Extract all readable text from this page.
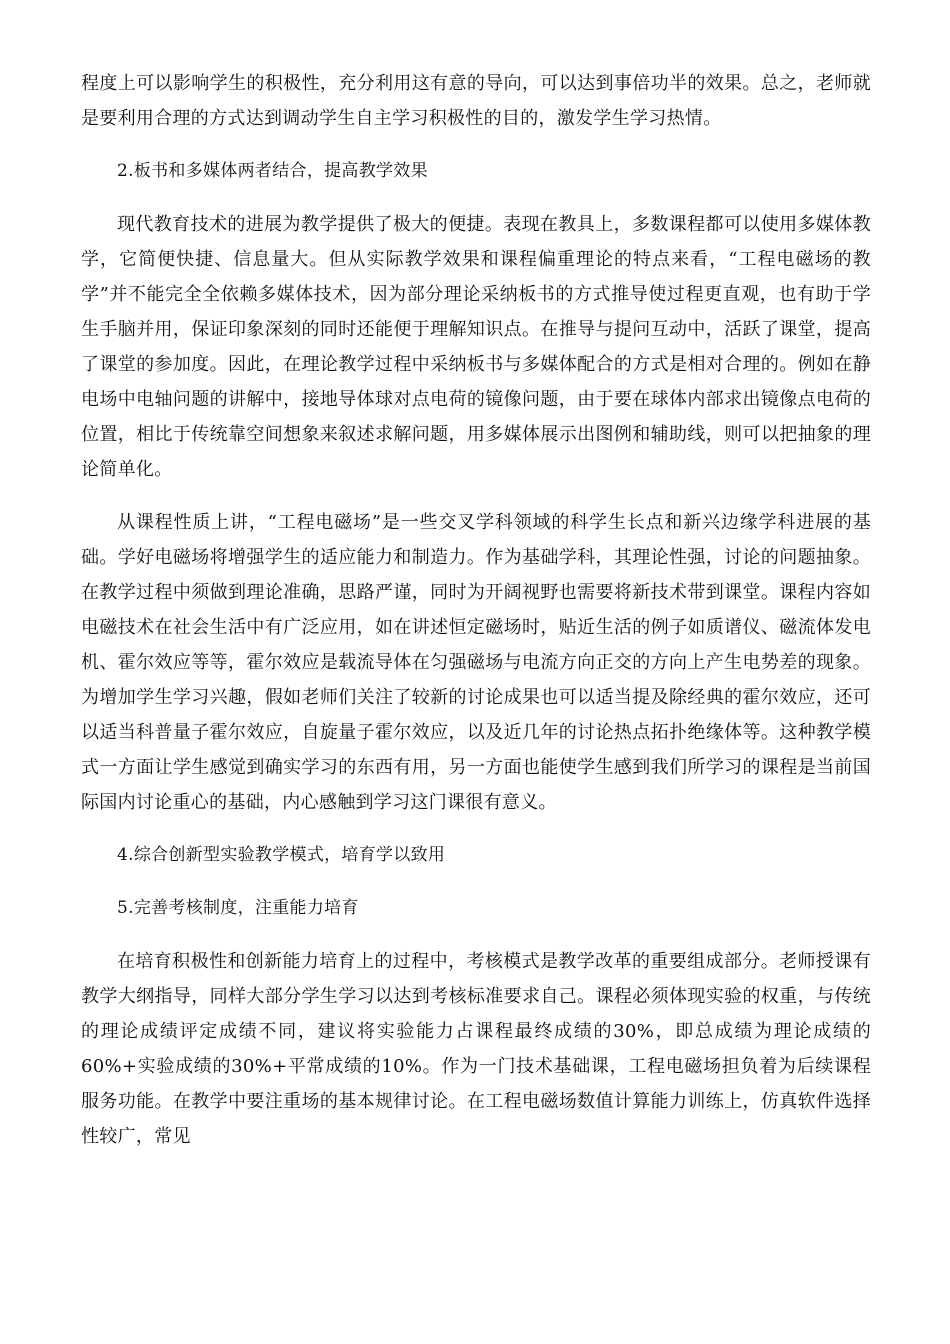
程度上可以影响学生的积极性，充分利用这有意的导向，可以达到事倍功半的效果。总之，老师就是要利用合理的方式达到调动学生自主学习积极性的目的，激发学生学习热情。

2.板书和多媒体两者结合，提高教学效果

现代教育技术的进展为教学提供了极大的便捷。表现在教具上，多数课程都可以使用多媒体教学，它简便快捷、信息量大。但从实际教学效果和课程偏重理论的特点来看，“工程电磁场的教学”并不能完全全依赖多媒体技术，因为部分理论采纳板书的方式推导使过程更直观，也有助于学生手脑并用，保证印象深刻的同时还能便于理解知识点。在推导与提问互动中，活跃了课堂，提高了课堂的参加度。因此，在理论教学过程中采纳板书与多媒体配合的方式是相对合理的。例如在静电场中电轴问题的讲解中，接地导体球对点电荷的镜像问题，由于要在球体内部求出镜像点电荷的位置，相比于传统靠空间想象来叙述求解问题，用多媒体展示出图例和辅助线，则可以把抽象的理论简单化。

从课程性质上讲，“工程电磁场”是一些交叉学科领域的科学生长点和新兴边缘学科进展的基础。学好电磁场将增强学生的适应能力和制造力。作为基础学科，其理论性强，讨论的问题抽象。在教学过程中须做到理论准确，思路严谨，同时为开阔视野也需要将新技术带到课堂。课程内容如电磁技术在社会生活中有广泛应用，如在讲述恒定磁场时，贴近生活的例子如质谱仪、磁流体发电机、霍尔效应等等，霍尔效应是载流导体在匀强磁场与电流方向正交的方向上产生电势差的现象。为增加学生学习兴趣，假如老师们关注了较新的讨论成果也可以适当提及除经典的霍尔效应，还可以适当科普量子霍尔效应，自旋量子霍尔效应，以及近几年的讨论热点拓扑绝缘体等。这种教学模式一方面让学生感觉到确实学习的东西有用，另一方面也能使学生感到我们所学习的课程是当前国际国内讨论重心的基础，内心感触到学习这门课很有意义。

4.综合创新型实验教学模式，培育学以致用

5.完善考核制度，注重能力培育

在培育积极性和创新能力培育上的过程中，考核模式是教学改革的重要组成部分。老师授课有教学大纲指导，同样大部分学生学习以达到考核标准要求自己。课程必须体现实验的权重，与传统的理论成绩评定成绩不同，建议将实验能力占课程最终成绩的30%，即总成绩为理论成绩的60%+实验成绩的30%+平常成绩的10%。作为一门技术基础课，工程电磁场担负着为后续课程服务功能。在教学中要注重场的基本规律讨论。在工程电磁场数值计算能力训练上，仿真软件选择性较广，常见
